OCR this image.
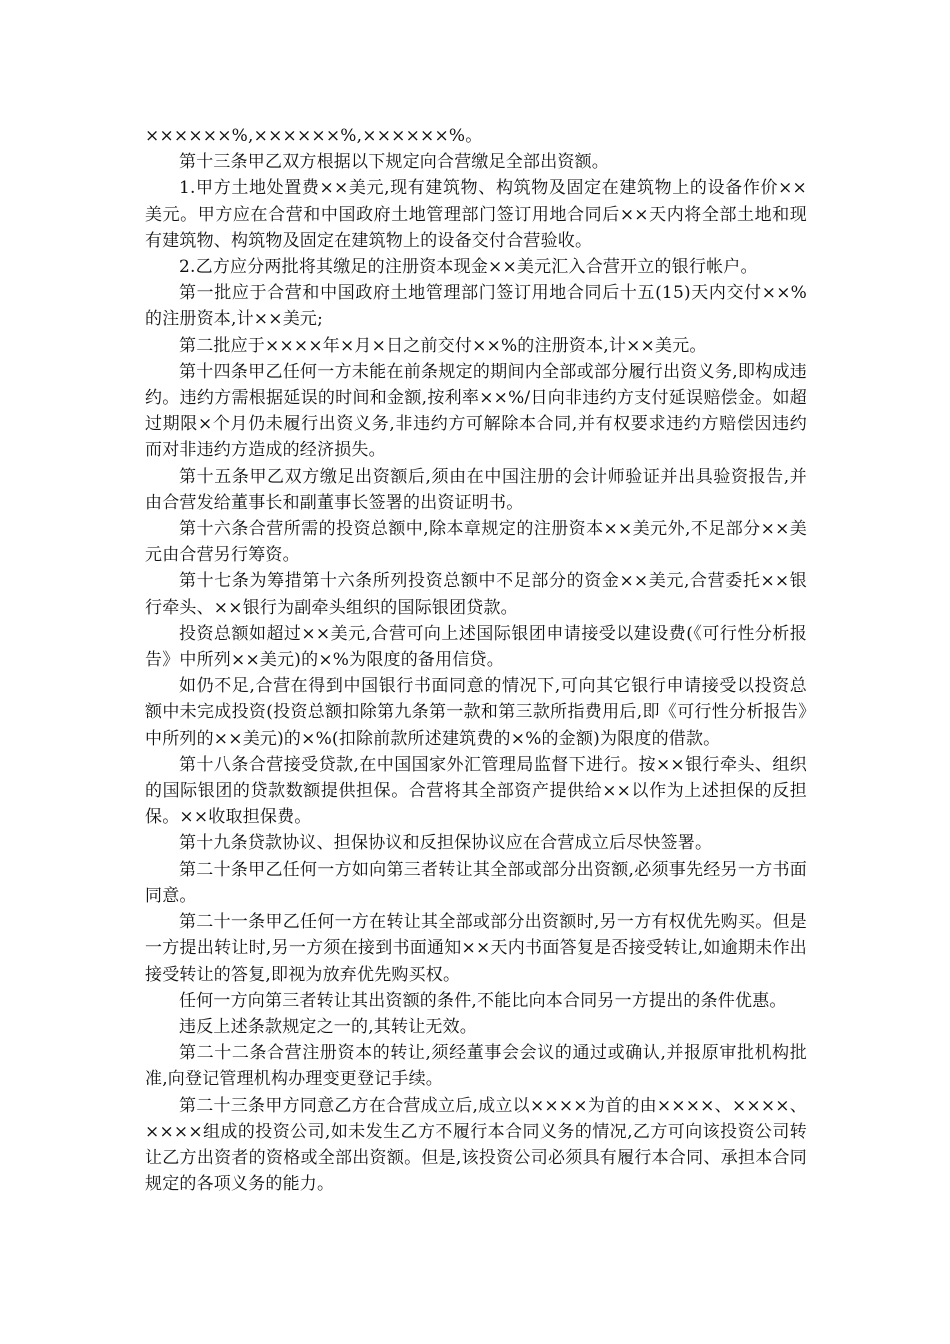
××××××%,××××××%,××××××%。

第十三条甲乙双方根据以下规定向合营缴足全部出资额。

1.甲方土地处置费××美元,现有建筑物、构筑物及固定在建筑物上的设备作价××美元。甲方应在合营和中国政府土地管理部门签订用地合同后××天内将全部土地和现有建筑物、构筑物及固定在建筑物上的设备交付合营验收。

2.乙方应分两批将其缴足的注册资本现金××美元汇入合营开立的银行帐户。

第一批应于合营和中国政府土地管理部门签订用地合同后十五(15)天内交付××%的注册资本,计××美元;

第二批应于××××年×月×日之前交付××%的注册资本,计××美元。

第十四条甲乙任何一方未能在前条规定的期间内全部或部分履行出资义务,即构成违约。违约方需根据延误的时间和金额,按利率××%/日向非违约方支付延误赔偿金。如超过期限×个月仍未履行出资义务,非违约方可解除本合同,并有权要求违约方赔偿因违约而对非违约方造成的经济损失。

第十五条甲乙双方缴足出资额后,须由在中国注册的会计师验证并出具验资报告,并由合营发给董事长和副董事长签署的出资证明书。

第十六条合营所需的投资总额中,除本章规定的注册资本××美元外,不足部分××美元由合营另行筹资。

第十七条为筹措第十六条所列投资总额中不足部分的资金××美元,合营委托××银行牵头、××银行为副牵头组织的国际银团贷款。

投资总额如超过××美元,合营可向上述国际银团申请接受以建设费(《可行性分析报告》中所列××美元)的×%为限度的备用信贷。

如仍不足,合营在得到中国银行书面同意的情况下,可向其它银行申请接受以投资总额中未完成投资(投资总额扣除第九条第一款和第三款所指费用后,即《可行性分析报告》中所列的××美元)的×%(扣除前款所述建筑费的×%的金额)为限度的借款。

第十八条合营接受贷款,在中国国家外汇管理局监督下进行。按××银行牵头、组织的国际银团的贷款数额提供担保。合营将其全部资产提供给××以作为上述担保的反担保。××收取担保费。

第十九条贷款协议、担保协议和反担保协议应在合营成立后尽快签署。

第二十条甲乙任何一方如向第三者转让其全部或部分出资额,必须事先经另一方书面同意。

第二十一条甲乙任何一方在转让其全部或部分出资额时,另一方有权优先购买。但是一方提出转让时,另一方须在接到书面通知××天内书面答复是否接受转让,如逾期未作出接受转让的答复,即视为放弃优先购买权。

任何一方向第三者转让其出资额的条件,不能比向本合同另一方提出的条件优惠。

违反上述条款规定之一的,其转让无效。

第二十二条合营注册资本的转让,须经董事会会议的通过或确认,并报原审批机构批准,向登记管理机构办理变更登记手续。

第二十三条甲方同意乙方在合营成立后,成立以××××为首的由××××、××××、××××组成的投资公司,如未发生乙方不履行本合同义务的情况,乙方可向该投资公司转让乙方出资者的资格或全部出资额。但是,该投资公司必须具有履行本合同、承担本合同规定的各项义务的能力。
